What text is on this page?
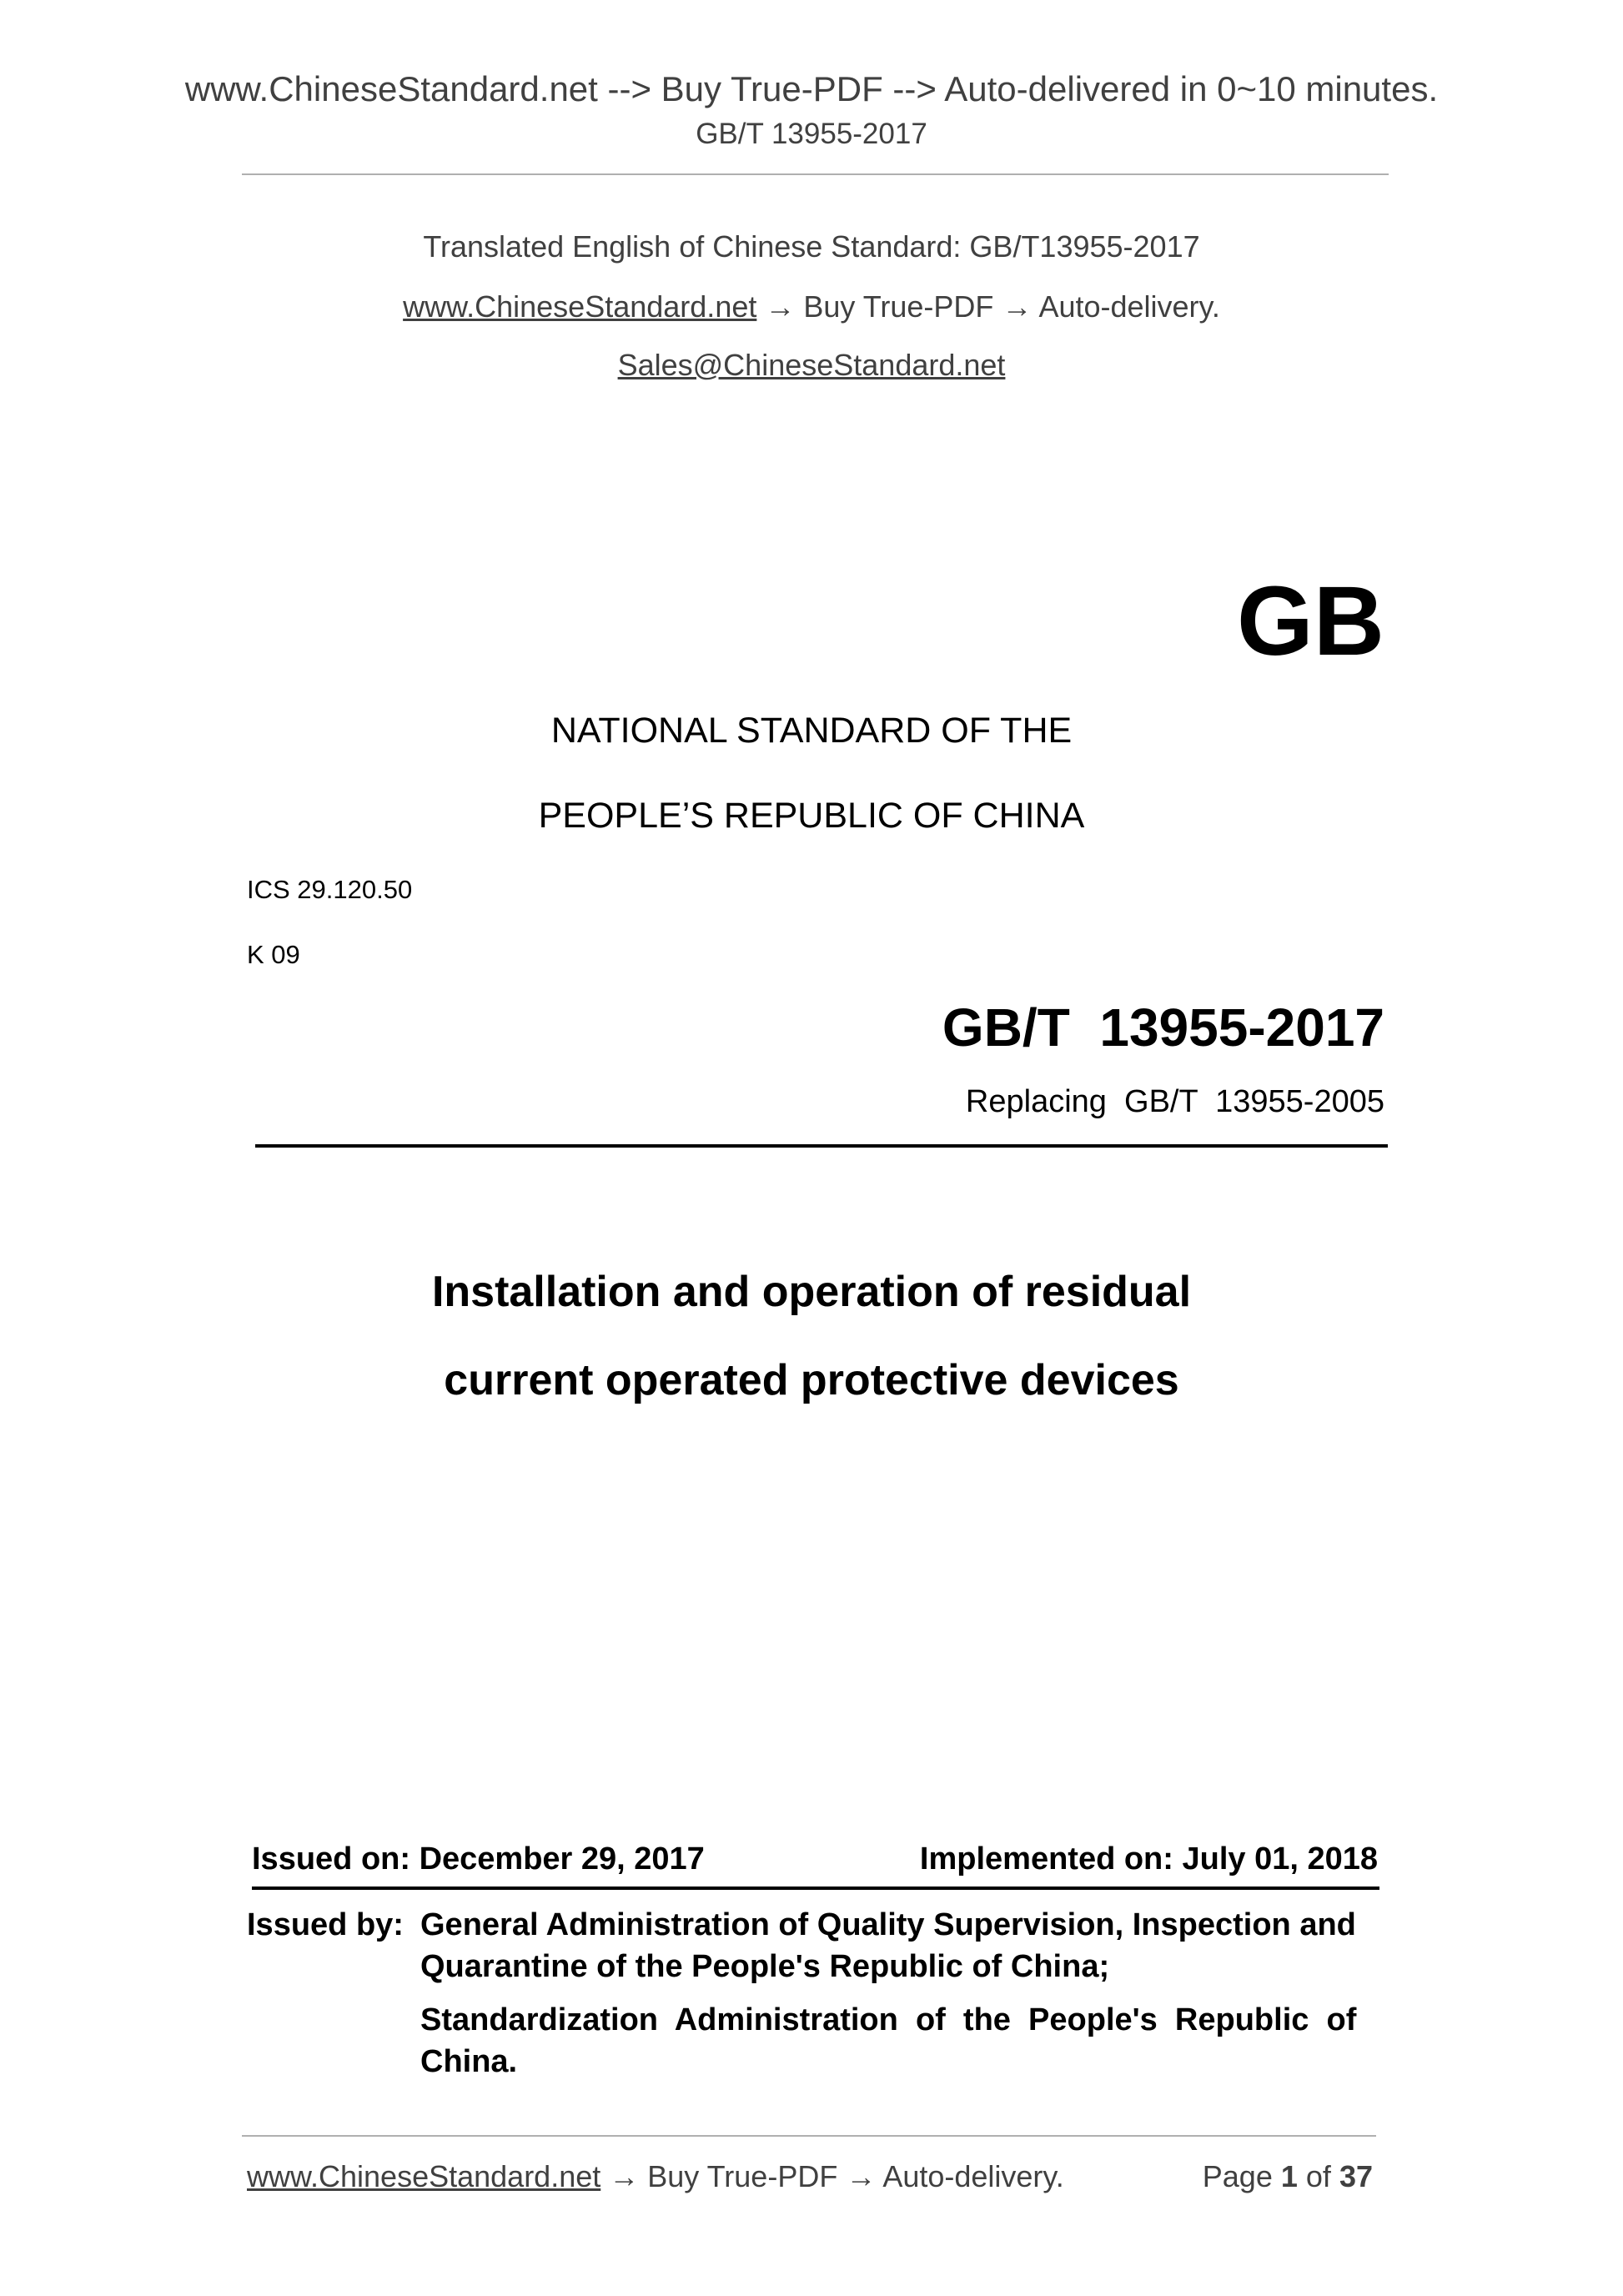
www.ChineseStandard.net --> Buy True-PDF --> Auto-delivered in 0~10 minutes.
GB/T 13955-2017
Translated English of Chinese Standard: GB/T13955-2017
www.ChineseStandard.net → Buy True-PDF → Auto-delivery.
Sales@ChineseStandard.net
GB
NATIONAL STANDARD OF THE
PEOPLE’S REPUBLIC OF CHINA
ICS 29.120.50
K 09
GB/T  13955-2017
Replacing  GB/T  13955-2005
Installation and operation of residual
current operated protective devices
Issued on: December 29, 2017	Implemented on: July 01, 2018
Issued by: General Administration of Quality Supervision, Inspection and
Quarantine of the People's Republic of China;
Standardization  Administration  of  the  People's  Republic  of
China.
www.ChineseStandard.net → Buy True-PDF → Auto-delivery.	Page 1 of 37
